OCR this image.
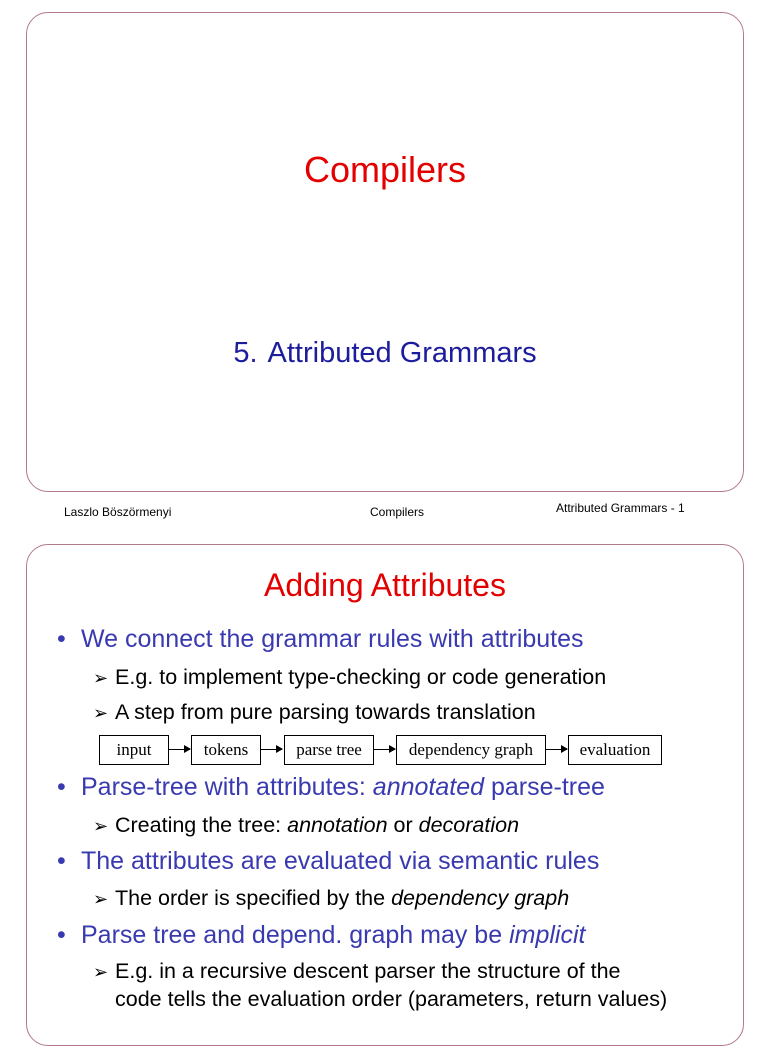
Compilers
5. Attributed Grammars
Laszlo Böszörmenyi	Compilers	Attributed Grammars - 1
Adding Attributes
• We connect the grammar rules with attributes
➢ E.g. to implement type-checking or code generation
➢ A step from pure parsing towards translation
input	tokens	parse tree	dependency graph	evaluation
• Parse-tree with attributes: annotated parse-tree
➢ Creating the tree: annotation or decoration
• The attributes are evaluated via semantic rules
➢ The order is specified by the dependency graph
• Parse tree and depend. graph may be implicit
➢ E.g. in a recursive descent parser the structure of the
code tells the evaluation order (parameters, return values)
